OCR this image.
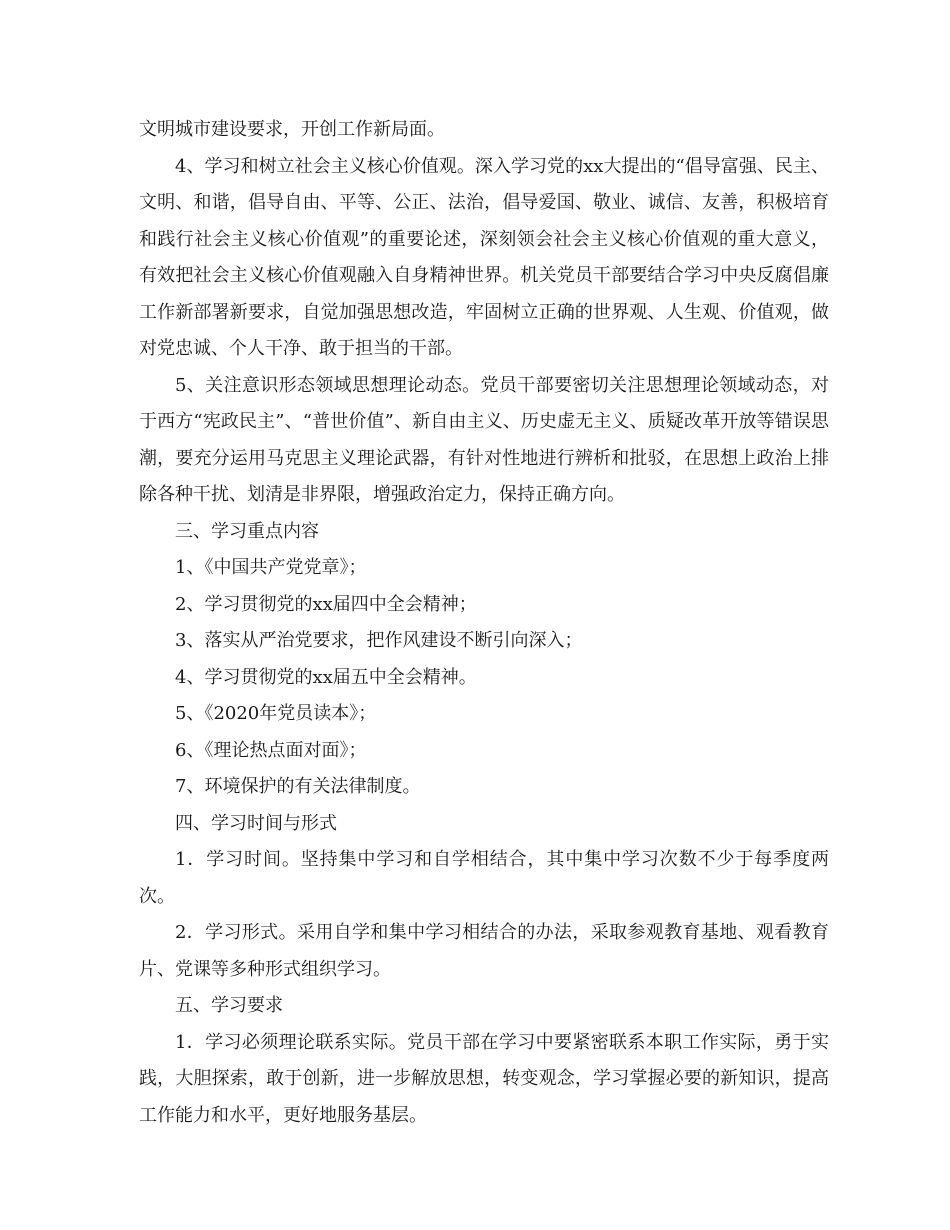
文明城市建设要求，开创工作新局面。

4、学习和树立社会主义核心价值观。深入学习党的xx大提出的“倡导富强、民主、文明、和谐，倡导自由、平等、公正、法治，倡导爱国、敬业、诚信、友善，积极培育和践行社会主义核心价值观”的重要论述，深刻领会社会主义核心价值观的重大意义，有效把社会主义核心价值观融入自身精神世界。机关党员干部要结合学习中央反腐倡廉工作新部署新要求，自觉加强思想改造，牢固树立正确的世界观、人生观、价值观，做对党忠诚、个人干净、敢于担当的干部。

5、关注意识形态领域思想理论动态。党员干部要密切关注思想理论领域动态，对于西方“宪政民主”、“普世价值”、新自由主义、历史虚无主义、质疑改革开放等错误思潮，要充分运用马克思主义理论武器，有针对性地进行辨析和批驳，在思想上政治上排除各种干扰、划清是非界限，增强政治定力，保持正确方向。

三、学习重点内容

1、《中国共产党党章》；

2、学习贯彻党的xx届四中全会精神；

3、落实从严治党要求，把作风建设不断引向深入；

4、学习贯彻党的xx届五中全会精神。

5、《2020年党员读本》；

6、《理论热点面对面》；

7、环境保护的有关法律制度。

四、学习时间与形式

1．学习时间。坚持集中学习和自学相结合，其中集中学习次数不少于每季度两次。

2．学习形式。采用自学和集中学习相结合的办法，采取参观教育基地、观看教育片、党课等多种形式组织学习。

五、学习要求

1．学习必须理论联系实际。党员干部在学习中要紧密联系本职工作实际，勇于实践，大胆探索，敢于创新，进一步解放思想，转变观念，学习掌握必要的新知识，提高工作能力和水平，更好地服务基层。
